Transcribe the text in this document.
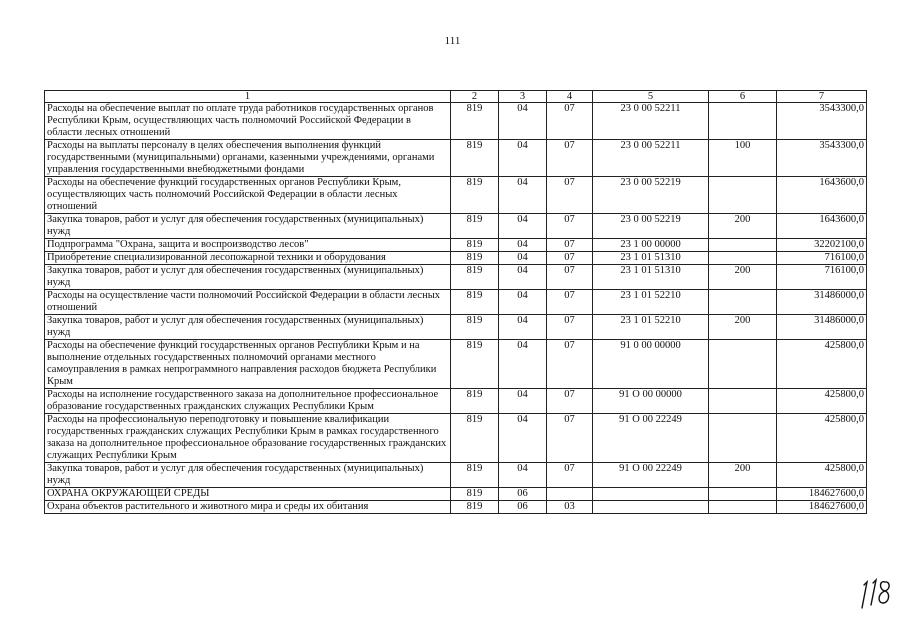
111
1	2	3	4	5	6	7
Расходы на обеспечение выплат по оплате труда работников государственных органов Республики Крым, осуществляющих часть полномочий Российской Федерации в области лесных отношений	819	04	07	23 0 00 52211		3543300,0
Расходы на выплаты персоналу в целях обеспечения выполнения функций государственными (муниципальными) органами, казенными учреждениями, органами управления государственными внебюджетными фондами	819	04	07	23 0 00 52211	100	3543300,0
Расходы на обеспечение функций государственных органов Республики Крым, осуществляющих часть полномочий Российской Федерации в области лесных отношений	819	04	07	23 0 00 52219		1643600,0
Закупка товаров, работ и услуг для обеспечения государственных (муниципальных) нужд	819	04	07	23 0 00 52219	200	1643600,0
Подпрограмма "Охрана, защита и воспроизводство лесов"	819	04	07	23 1 00 00000		32202100,0
Приобретение специализированной лесопожарной техники и оборудования	819	04	07	23 1 01 51310		716100,0
Закупка товаров, работ и услуг для обеспечения государственных (муниципальных) нужд	819	04	07	23 1 01 51310	200	716100,0
Расходы на осуществление части полномочий Российской Федерации в области лесных отношений	819	04	07	23 1 01 52210		31486000,0
Закупка товаров, работ и услуг для обеспечения государственных (муниципальных) нужд	819	04	07	23 1 01 52210	200	31486000,0
Расходы на обеспечение функций государственных органов Республики Крым и на выполнение отдельных государственных полномочий органами местного самоуправления в рамках непрограммного направления расходов бюджета Республики Крым	819	04	07	91 0 00 00000		425800,0
Расходы на исполнение государственного заказа на дополнительное профессиональное образование государственных гражданских служащих Республики Крым	819	04	07	91 О 00 00000		425800,0
Расходы на профессиональную переподготовку и повышение квалификации государственных гражданских служащих Республики Крым в рамках государственного заказа на дополнительное профессиональное образование государственных гражданских служащих Республики Крым	819	04	07	91 О 00 22249		425800,0
Закупка товаров, работ и услуг для обеспечения государственных (муниципальных) нужд	819	04	07	91 О 00 22249	200	425800,0
ОХРАНА ОКРУЖАЮЩЕЙ СРЕДЫ	819	06				184627600,0
Охрана объектов растительного и животного мира и среды их обитания	819	06	03			184627600,0
